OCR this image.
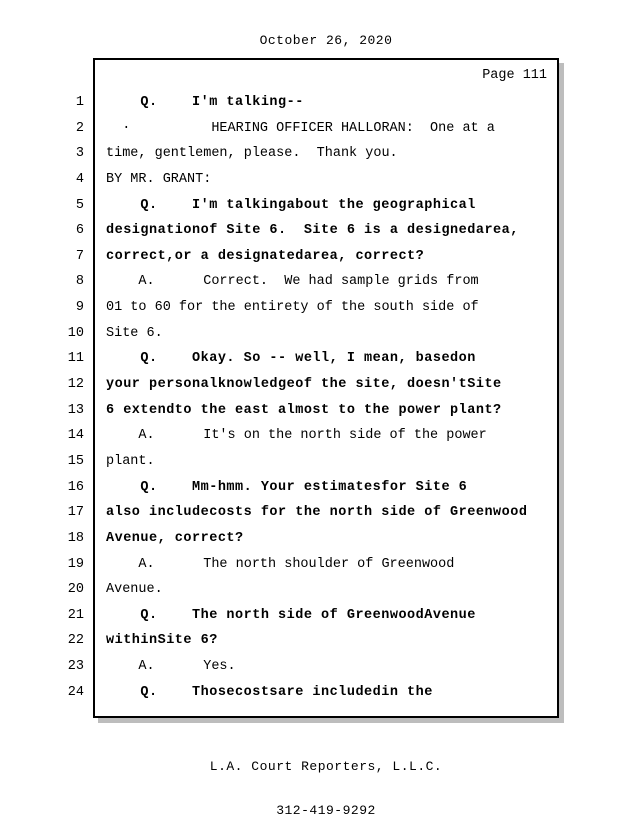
October 26, 2020
Page 111
1 Q.    I'm talking--
2 ·          HEARING OFFICER HALLORAN:  One at a
3 time, gentlemen, please.  Thank you.
4 BY MR. GRANT:
5 Q.    I'm talkingabout the geographical
6 designationof Site 6.  Site 6 is a designedarea,
7 correct,or a designatedarea, correct?
8 A.      Correct.  We had sample grids from
9 01 to 60 for the entirety of the south side of
10 Site 6.
11 Q.    Okay. So -- well, I mean, basedon
12 your personalknowledgeof the site, doesn'tSite
13 6 extendto the east almost to the power plant?
14 A.      It's on the north side of the power
15 plant.
16 Q.    Mm-hmm. Your estimatesfor Site 6
17 also includecosts for the north side of Greenwood
18 Avenue, correct?
19 A.      The north shoulder of Greenwood
20 Avenue.
21 Q.    The north side of GreenwoodAvenue
22 withinSite 6?
23 A.      Yes.
24 Q.    Thosecostsare includedin the

L.A. Court Reporters, L.L.C.

312-419-9292
